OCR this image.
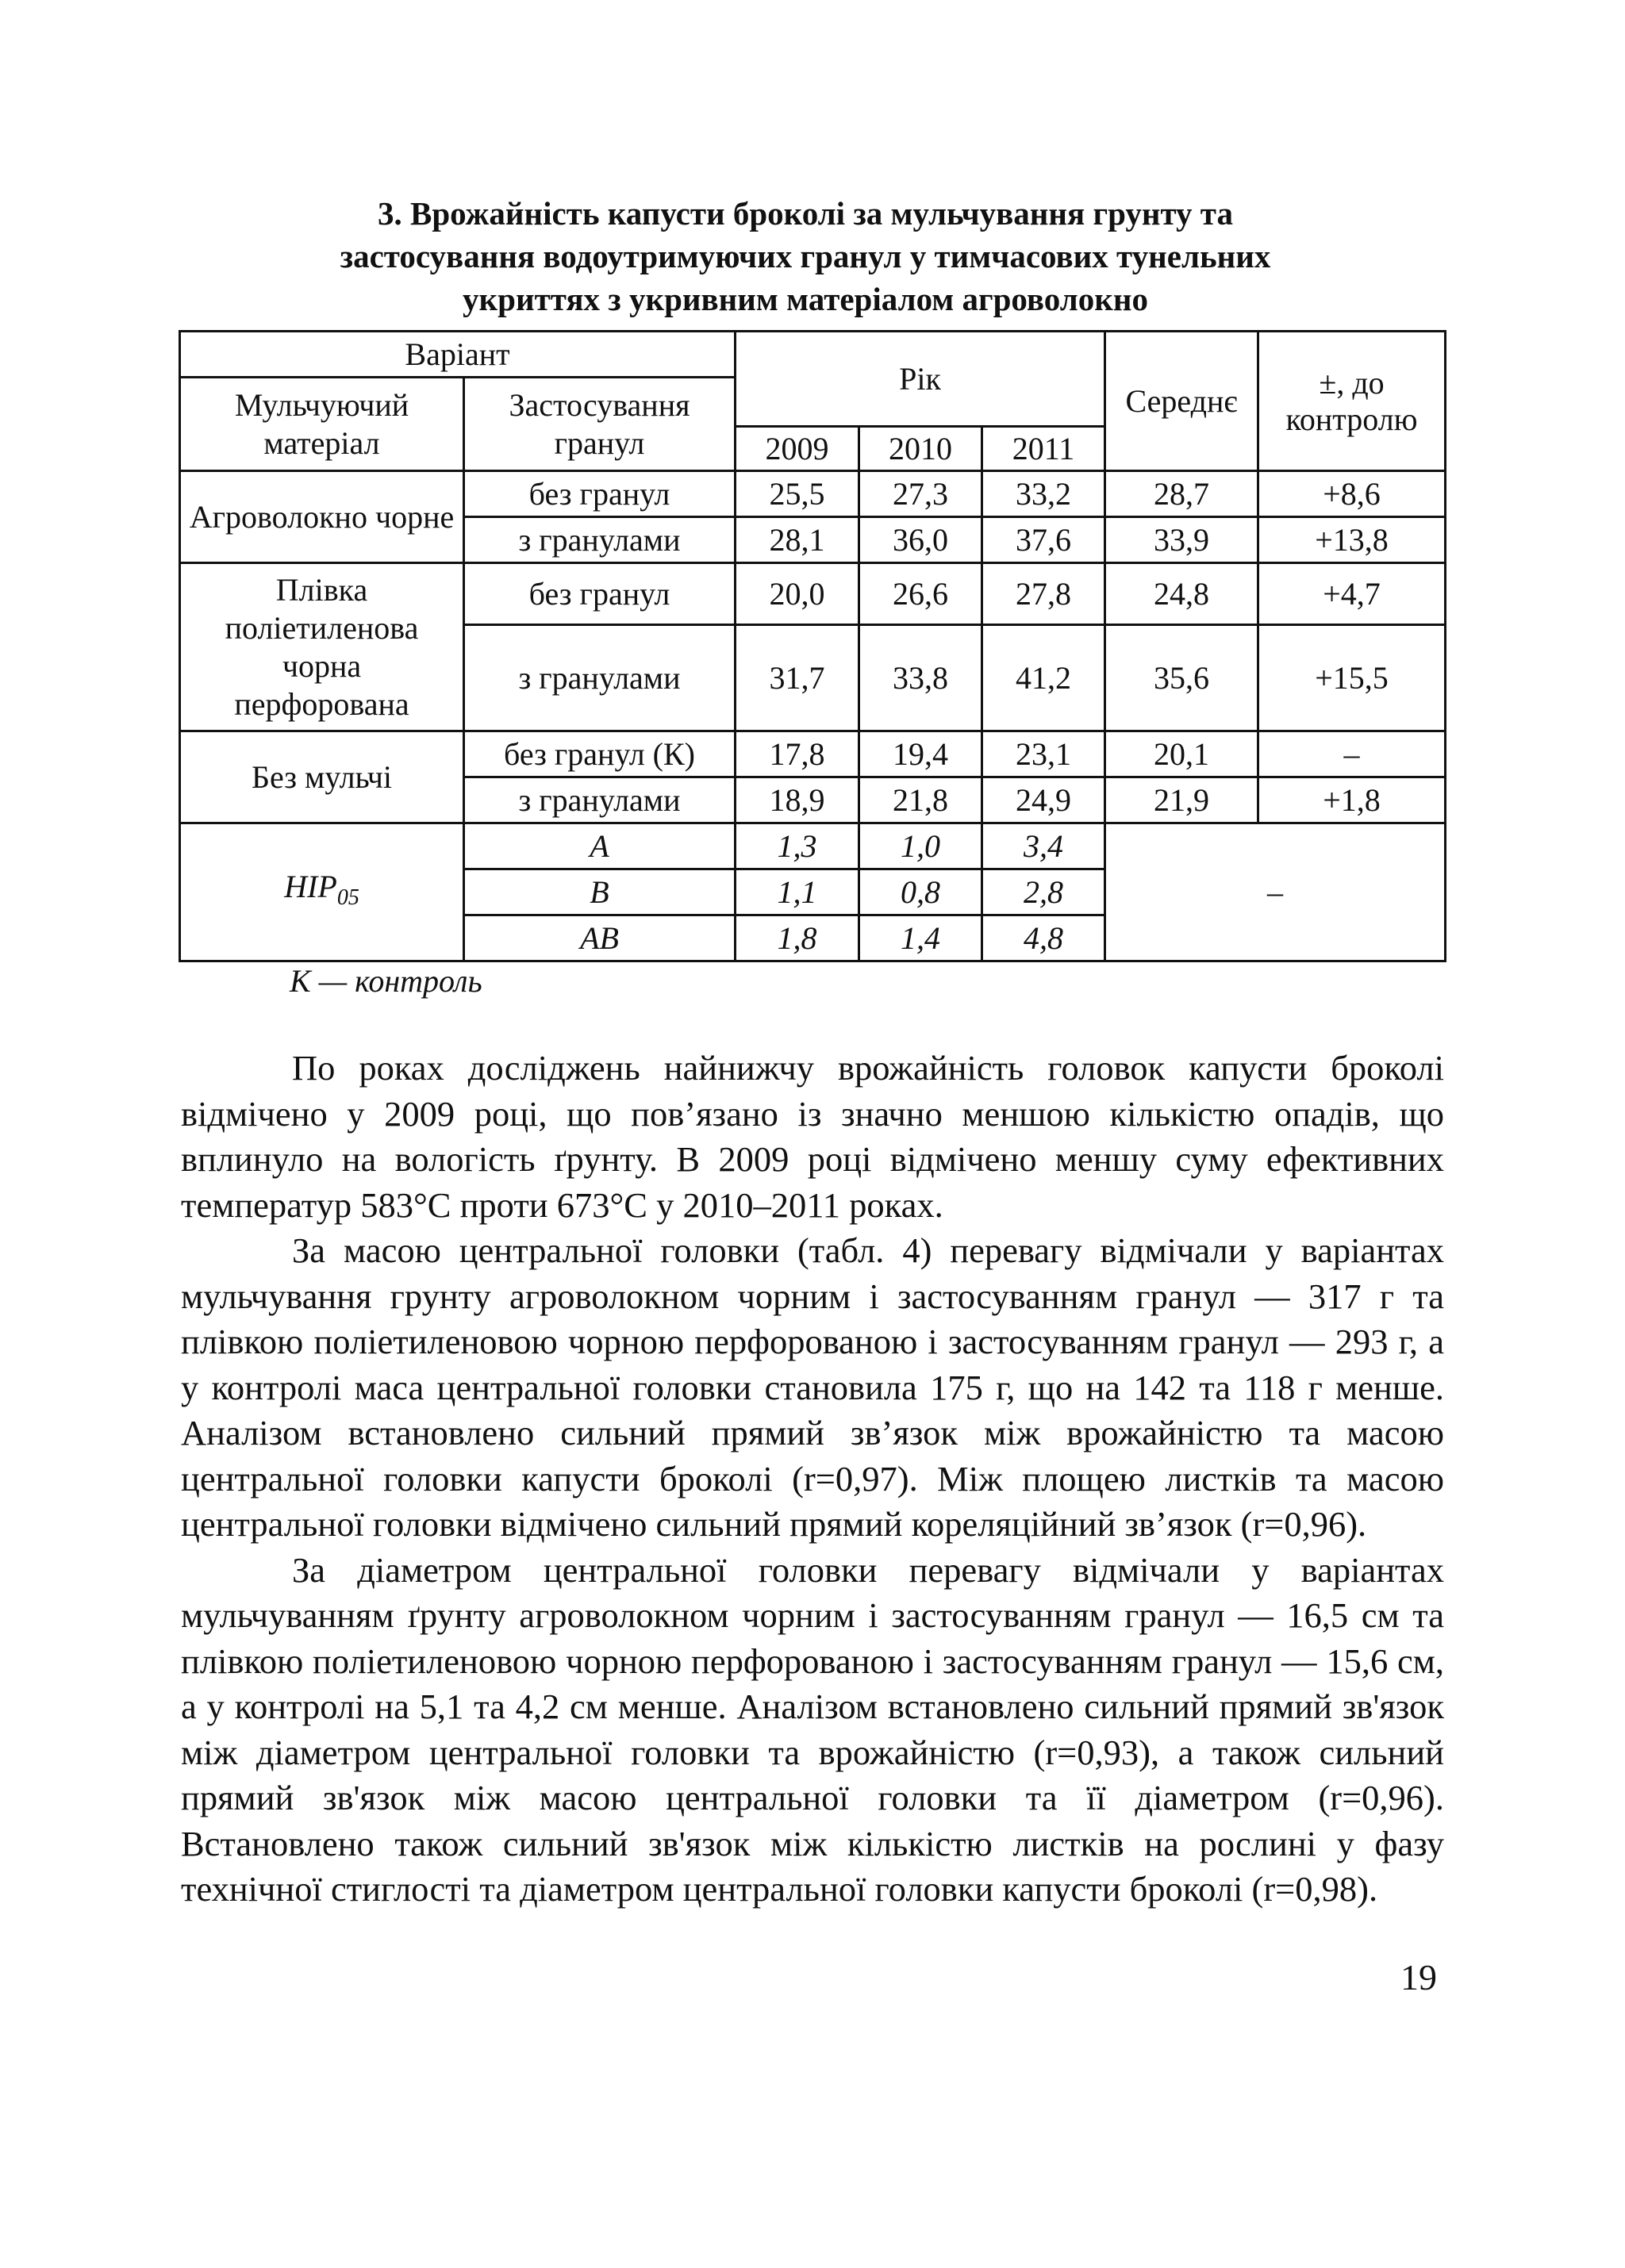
3. Врожайність капусти броколі за мульчування грунту та
застосування водоутримуючих гранул у тимчасових тунельних
укриттях з укривним матеріалом агроволокно
Варіант		Рік			Середнє	±, до контролю
Мульчуючий матеріал	Застосування гранул					
		2009	2010	2011		
Агроволокно чорне	без гранул	25,5	27,3	33,2	28,7	+8,6
	з гранулами	28,1	36,0	37,6	33,9	+13,8
Плівка поліетиленова чорна перфорована	без гранул	20,0	26,6	27,8	24,8	+4,7
	з гранулами	31,7	33,8	41,2	35,6	+15,5
Без мульчі	без гранул (К)	17,8	19,4	23,1	20,1	–
	з гранулами	18,9	21,8	24,9	21,9	+1,8
$НІР_{05}$	A	1,3	1,0	3,4	–	
	B	1,1	0,8	2,8		
	AB	1,8	1,4	4,8		
К — контроль

По роках досліджень найнижчу врожайність головок капусти броколі відмічено у 2009 році, що пов’язано із значно меншою кількістю опадів, що вплинуло на вологість ґрунту. В 2009 році відмічено меншу суму ефективних температур 583°С проти 673°С у 2010–2011 роках.

За масою центральної головки (табл. 4) перевагу відмічали у варіантах мульчування грунту агроволокном чорним і застосуванням гранул — 317 г та плівкою поліетиленовою чорною перфорованою і застосуванням гранул — 293 г, а у контролі маса центральної головки становила 175 г, що на 142 та 118 г менше. Аналізом встановлено сильний прямий зв’язок між врожайністю та масою центральної головки капусти броколі (r=0,97). Між площею листків та масою центральної головки відмічено сильний прямий кореляційний зв’язок (r=0,96).

За діаметром центральної головки перевагу відмічали у варіантах мульчуванням ґрунту агроволокном чорним і застосуванням гранул — 16,5 см та плівкою поліетиленовою чорною перфорованою і застосуванням гранул — 15,6 см, а у контролі на 5,1 та 4,2 см менше. Аналізом встановлено сильний прямий зв'язок між діаметром центральної головки та врожайністю (r=0,93), а також сильний прямий зв'язок між масою центральної головки та її діаметром (r=0,96). Встановлено також сильний зв'язок між кількістю листків на рослині у фазу технічної стиглості та діаметром центральної головки капусти броколі (r=0,98).

19
